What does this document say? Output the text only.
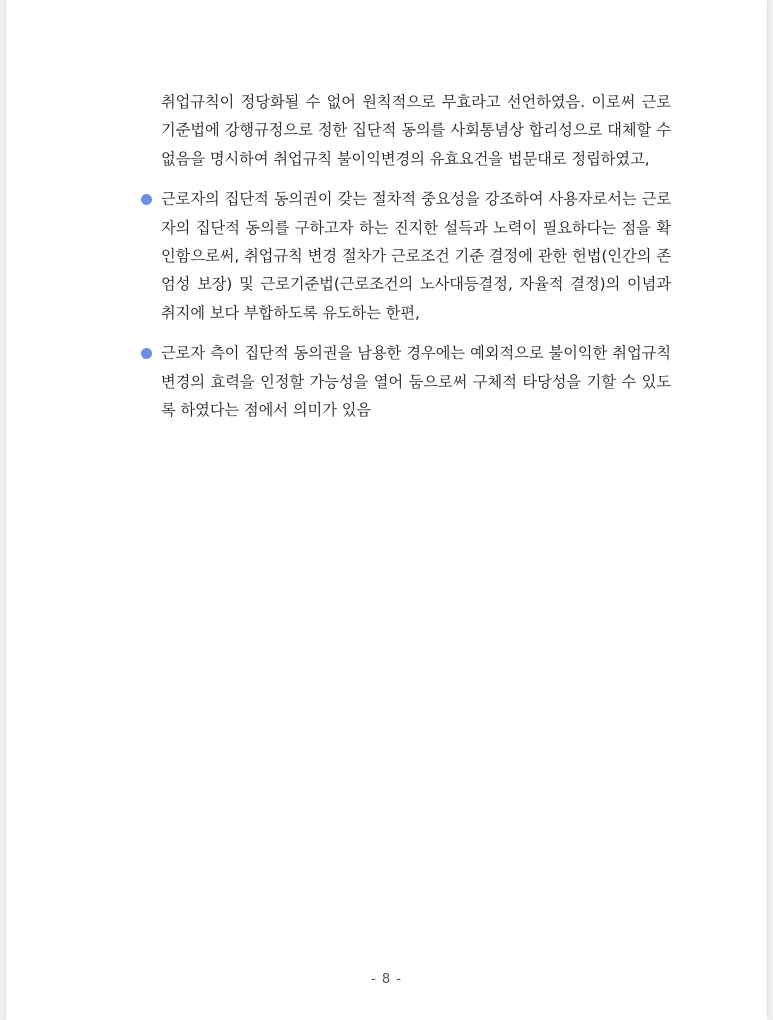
취업규칙이 정당화될 수 없어 원칙적으로 무효라고 선언하였음. 이로써 근로기준법에 강행규정으로 정한 집단적 동의를 사회통념상 합리성으로 대체할 수 없음을 명시하여 취업규칙 불이익변경의 유효요건을 법문대로 정립하였고,

근로자의 집단적 동의권이 갖는 절차적 중요성을 강조하여 사용자로서는 근로자의 집단적 동의를 구하고자 하는 진지한 설득과 노력이 필요하다는 점을 확인함으로써, 취업규칙 변경 절차가 근로조건 기준 결정에 관한 헌법(인간의 존엄성 보장) 및 근로기준법(근로조건의 노사대등결정, 자율적 결정)의 이념과 취지에 보다 부합하도록 유도하는 한편,

근로자 측이 집단적 동의권을 남용한 경우에는 예외적으로 불이익한 취업규칙 변경의 효력을 인정할 가능성을 열어 둠으로써 구체적 타당성을 기할 수 있도록 하였다는 점에서 의미가 있음

- 8 -
